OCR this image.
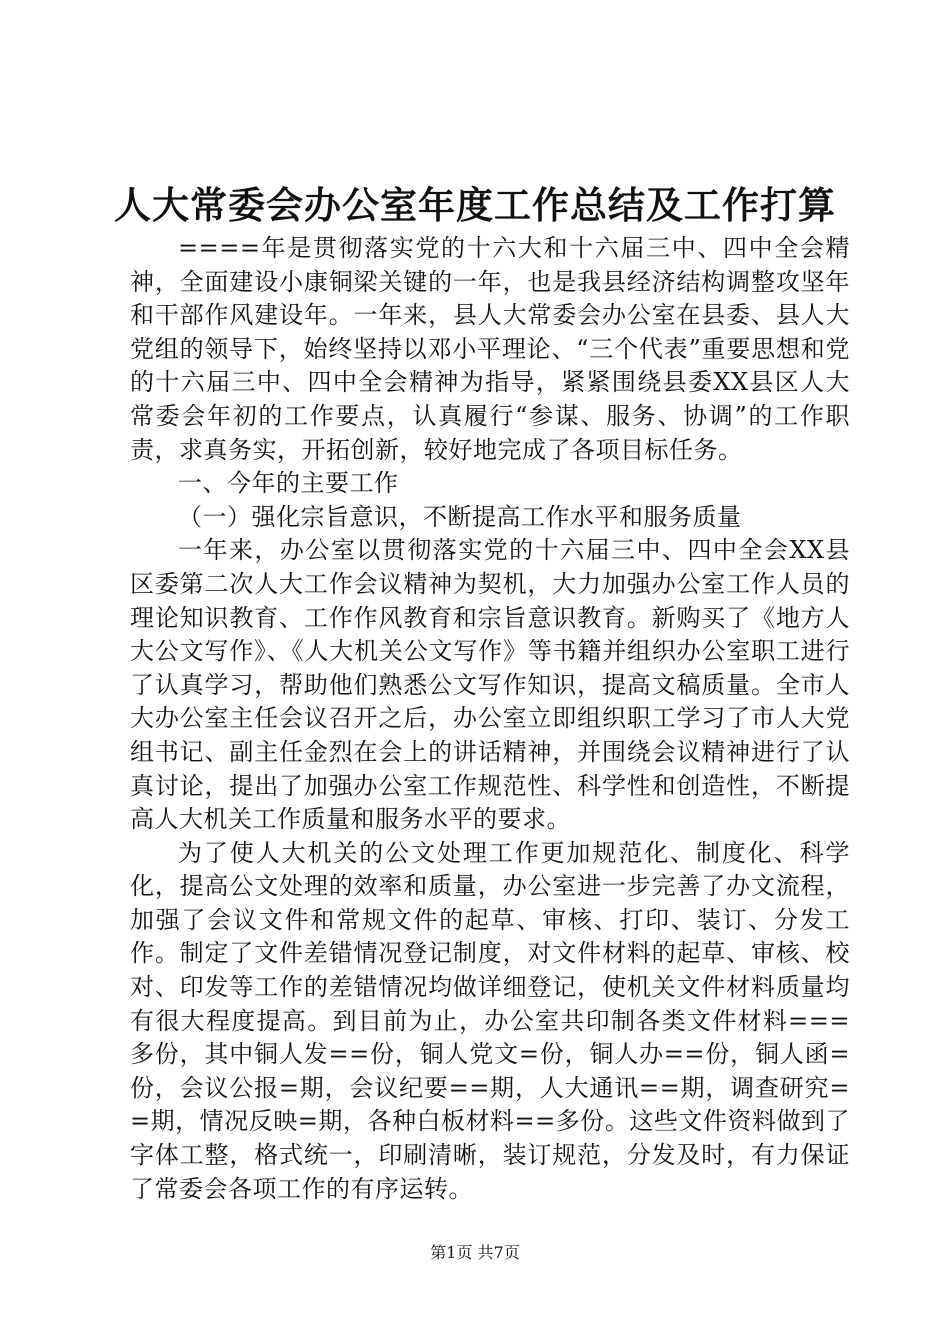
人大常委会办公室年度工作总结及工作打算

====年是贯彻落实党的十六大和十六届三中、四中全会精神，全面建设小康铜梁关键的一年，也是我县经济结构调整攻坚年和干部作风建设年。一年来，县人大常委会办公室在县委、县人大党组的领导下，始终坚持以邓小平理论、“三个代表”重要思想和党的十六届三中、四中全会精神为指导，紧紧围绕县委XX县区人大常委会年初的工作要点，认真履行“参谋、服务、协调”的工作职责，求真务实，开拓创新，较好地完成了各项目标任务。

一、今年的主要工作

（一）强化宗旨意识，不断提高工作水平和服务质量

一年来，办公室以贯彻落实党的十六届三中、四中全会XX县区委第二次人大工作会议精神为契机，大力加强办公室工作人员的理论知识教育、工作作风教育和宗旨意识教育。新购买了《地方人大公文写作》、《人大机关公文写作》等书籍并组织办公室职工进行了认真学习，帮助他们熟悉公文写作知识，提高文稿质量。全市人大办公室主任会议召开之后，办公室立即组织职工学习了市人大党组书记、副主任金烈在会上的讲话精神，并围绕会议精神进行了认真讨论，提出了加强办公室工作规范性、科学性和创造性，不断提高人大机关工作质量和服务水平的要求。

为了使人大机关的公文处理工作更加规范化、制度化、科学化，提高公文处理的效率和质量，办公室进一步完善了办文流程，加强了会议文件和常规文件的起草、审核、打印、装订、分发工作。制定了文件差错情况登记制度，对文件材料的起草、审核、校对、印发等工作的差错情况均做详细登记，使机关文件材料质量均有很大程度提高。到目前为止，办公室共印制各类文件材料===多份，其中铜人发==份，铜人党文=份，铜人办==份，铜人函=份，会议公报=期，会议纪要==期，人大通讯==期，调查研究==期，情况反映=期，各种白板材料==多份。这些文件资料做到了字体工整，格式统一，印刷清晰，装订规范，分发及时，有力保证了常委会各项工作的有序运转。

第1页 共7页
